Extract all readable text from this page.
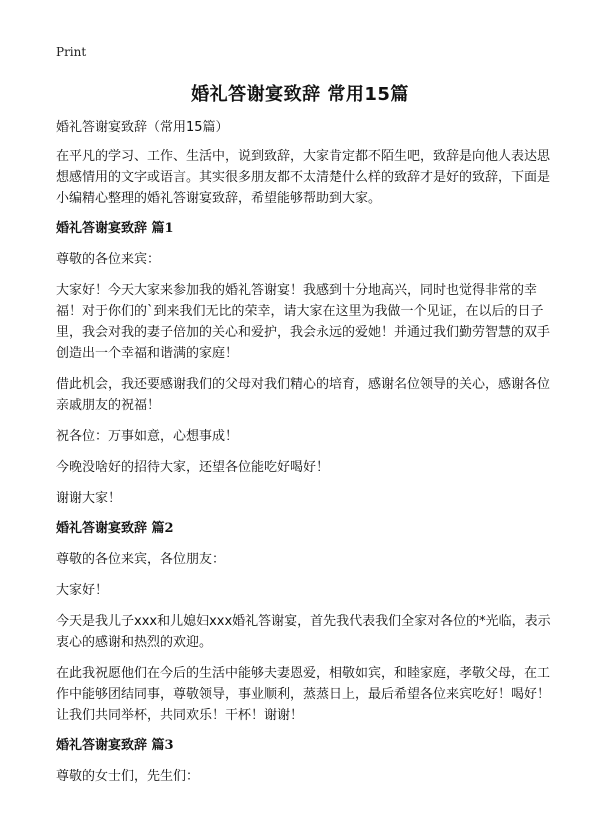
Print
婚礼答谢宴致辞 常用15篇
婚礼答谢宴致辞（常用15篇）

在平凡的学习、工作、生活中，说到致辞，大家肯定都不陌生吧，致辞是向他人表达思想感情用的文字或语言。其实很多朋友都不太清楚什么样的致辞才是好的致辞，下面是小编精心整理的婚礼答谢宴致辞，希望能够帮助到大家。

婚礼答谢宴致辞 篇1

尊敬的各位来宾：

大家好！今天大家来参加我的婚礼答谢宴！我感到十分地高兴，同时也觉得非常的幸福！对于你们的`到来我们无比的荣幸，请大家在这里为我做一个见证，在以后的日子里，我会对我的妻子倍加的关心和爱护，我会永远的爱她！并通过我们勤劳智慧的双手创造出一个幸福和谐满的家庭！

借此机会，我还要感谢我们的父母对我们精心的培育，感谢名位领导的关心，感谢各位亲戚朋友的祝福！

祝各位：万事如意，心想事成！

今晚没啥好的招待大家，还望各位能吃好喝好！

谢谢大家！

婚礼答谢宴致辞 篇2

尊敬的各位来宾，各位朋友：

大家好！

今天是我儿子xxx和儿媳妇xxx婚礼答谢宴，首先我代表我们全家对各位的*光临，表示衷心的感谢和热烈的欢迎。

在此我祝愿他们在今后的生活中能够夫妻恩爱，相敬如宾，和睦家庭，孝敬父母，在工作中能够团结同事，尊敬领导，事业顺利，蒸蒸日上，最后希望各位来宾吃好！喝好！让我们共同举杯，共同欢乐！干杯！谢谢！

婚礼答谢宴致辞 篇3

尊敬的女士们，先生们：
